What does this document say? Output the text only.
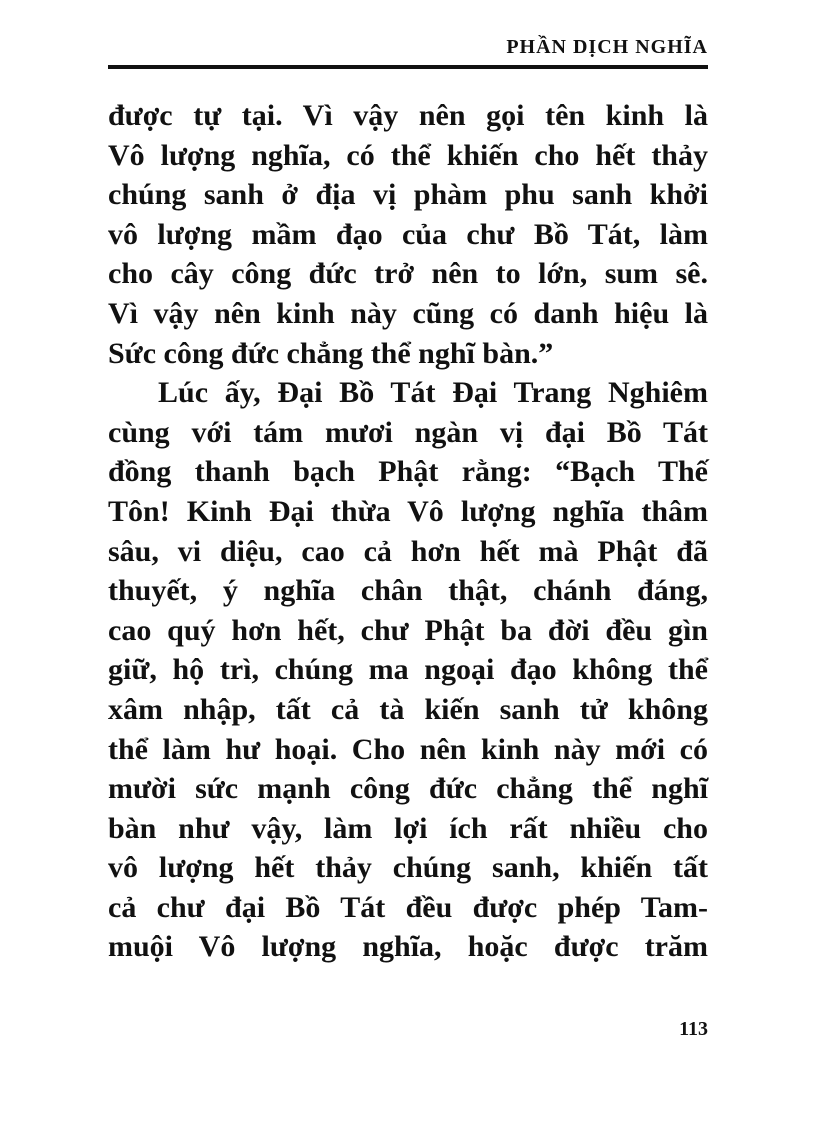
PHẦN DỊCH NGHĨA
được tự tại. Vì vậy nên gọi tên kinh là
Vô lượng nghĩa, có thể khiến cho hết thảy
chúng sanh ở địa vị phàm phu sanh khởi
vô lượng mầm đạo của chư Bồ Tát, làm
cho cây công đức trở nên to lớn, sum sê.
Vì vậy nên kinh này cũng có danh hiệu là
Sức công đức chẳng thể nghĩ bàn.”
Lúc ấy, Đại Bồ Tát Đại Trang Nghiêm
cùng với tám mươi ngàn vị đại Bồ Tát
đồng thanh bạch Phật rằng: “Bạch Thế
Tôn! Kinh Đại thừa Vô lượng nghĩa thâm
sâu, vi diệu, cao cả hơn hết mà Phật đã
thuyết, ý nghĩa chân thật, chánh đáng,
cao quý hơn hết, chư Phật ba đời đều gìn
giữ, hộ trì, chúng ma ngoại đạo không thể
xâm nhập, tất cả tà kiến sanh tử không
thể làm hư hoại. Cho nên kinh này mới có
mười sức mạnh công đức chẳng thể nghĩ
bàn như vậy, làm lợi ích rất nhiều cho
vô lượng hết thảy chúng sanh, khiến tất
cả chư đại Bồ Tát đều được phép Tam-
muội Vô lượng nghĩa, hoặc được trăm
113
